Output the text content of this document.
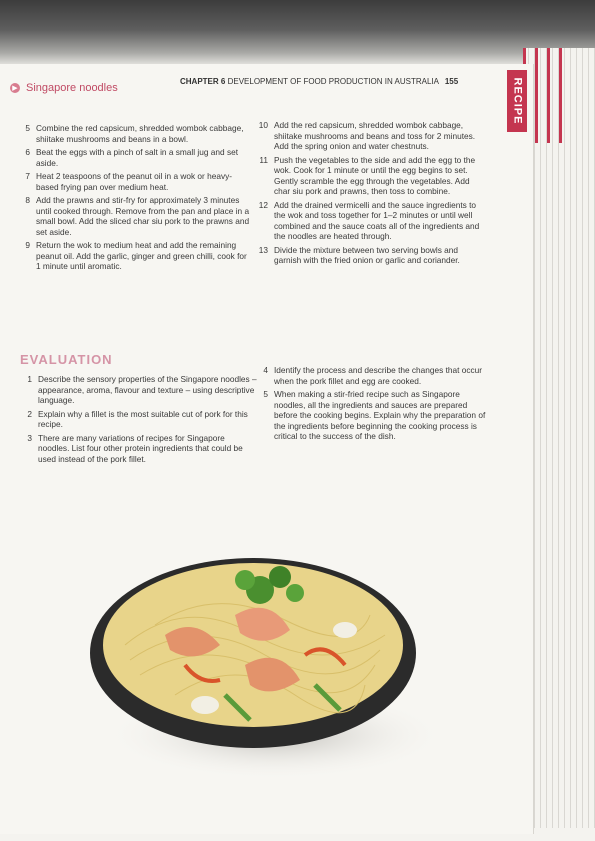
RECIPE
▶ Singapore noodles
CHAPTER 6 DEVELOPMENT OF FOOD PRODUCTION IN AUSTRALIA 155
5 Combine the red capsicum, shredded wombok cabbage, shiitake mushrooms and beans in a bowl.
6 Beat the eggs with a pinch of salt in a small jug and set aside.
7 Heat 2 teaspoons of the peanut oil in a wok or heavy-based frying pan over medium heat.
8 Add the prawns and stir-fry for approximately 3 minutes until cooked through. Remove from the pan and place in a small bowl. Add the sliced char siu pork to the prawns and set aside.
9 Return the wok to medium heat and add the remaining peanut oil. Add the garlic, ginger and green chilli, cook for 1 minute until aromatic.
10 Add the red capsicum, shredded wombok cabbage, shiitake mushrooms and beans and toss for 2 minutes. Add the spring onion and water chestnuts.
11 Push the vegetables to the side and add the egg to the wok. Cook for 1 minute or until the egg begins to set. Gently scramble the egg through the vegetables. Add char siu pork and prawns, then toss to combine.
12 Add the drained vermicelli and the sauce ingredients to the wok and toss together for 1–2 minutes or until well combined and the sauce coats all of the ingredients and the noodles are heated through.
13 Divide the mixture between two serving bowls and garnish with the fried onion or garlic and coriander.
EVALUATION
1 Describe the sensory properties of the Singapore noodles – appearance, aroma, flavour and texture – using descriptive language.
2 Explain why a fillet is the most suitable cut of pork for this recipe.
3 There are many variations of recipes for Singapore noodles. List four other protein ingredients that could be used instead of the pork fillet.
4 Identify the process and describe the changes that occur when the pork fillet and egg are cooked.
5 When making a stir-fried recipe such as Singapore noodles, all the ingredients and sauces are prepared before the cooking begins. Explain why the preparation of the ingredients before beginning the cooking process is critical to the success of the dish.
